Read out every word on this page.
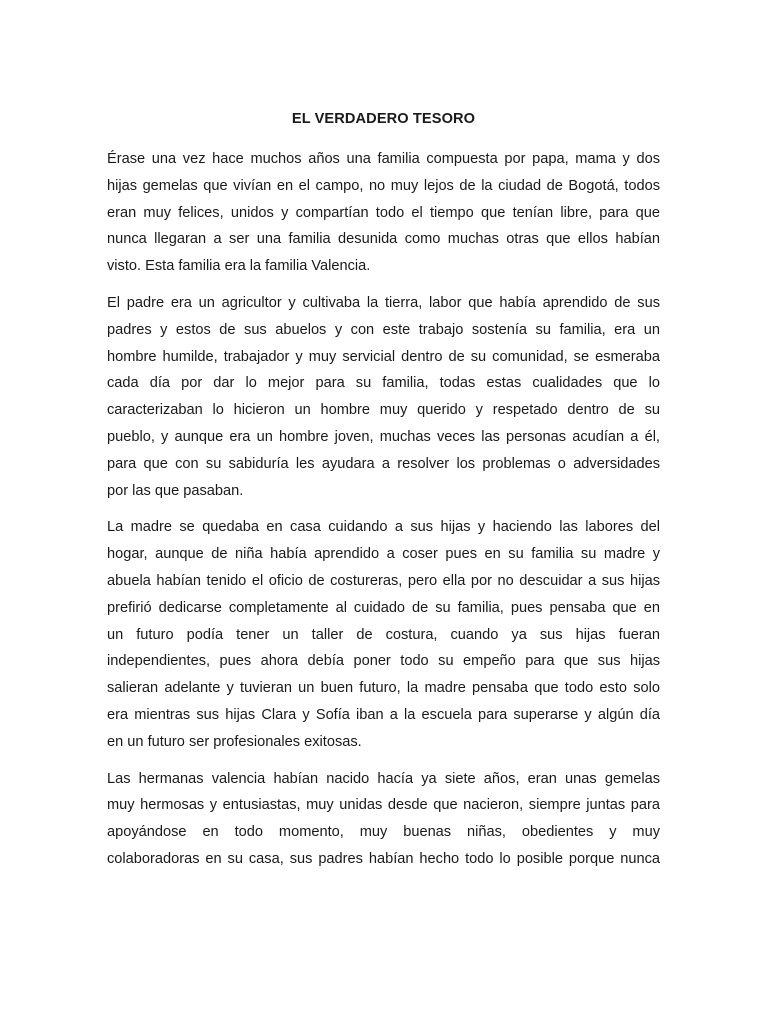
EL VERDADERO TESORO
Érase una vez hace muchos años una familia compuesta por papa, mama y dos
hijas gemelas que vivían en el campo, no muy lejos de la ciudad de Bogotá, todos
eran muy felices, unidos y compartían todo el tiempo que tenían libre, para que
nunca llegaran a ser una familia desunida como muchas otras que ellos habían
visto. Esta familia era la familia Valencia.
El padre era un agricultor y cultivaba la tierra, labor que había aprendido de sus
padres y estos de sus abuelos y con este trabajo sostenía su familia, era un
hombre humilde, trabajador y muy servicial dentro de su comunidad, se esmeraba
cada día por dar lo mejor para su familia, todas estas cualidades que lo
caracterizaban lo hicieron un hombre muy querido y respetado dentro de su
pueblo, y aunque era un hombre joven, muchas veces las personas acudían a él,
para que con su sabiduría les ayudara a resolver los problemas o adversidades
por las que pasaban.
La madre se quedaba en casa cuidando a sus hijas y haciendo las labores del
hogar, aunque de niña había aprendido a coser pues en su familia su madre y
abuela habían tenido el oficio de costureras, pero ella por no descuidar a sus hijas
prefirió dedicarse completamente al cuidado de su familia, pues pensaba que en
un futuro podía tener un taller de costura, cuando ya sus hijas fueran
independientes, pues ahora debía poner todo su empeño para que sus hijas
salieran adelante y tuvieran un buen futuro, la madre pensaba que todo esto solo
era mientras sus hijas Clara y Sofía iban a la escuela para superarse y algún día
en un futuro ser profesionales exitosas.
Las hermanas valencia habían nacido hacía ya siete años, eran unas gemelas
muy hermosas y entusiastas, muy unidas desde que nacieron, siempre juntas para
apoyándose en todo momento, muy buenas niñas, obedientes y muy
colaboradoras en su casa, sus padres habían hecho todo lo posible porque nunca
